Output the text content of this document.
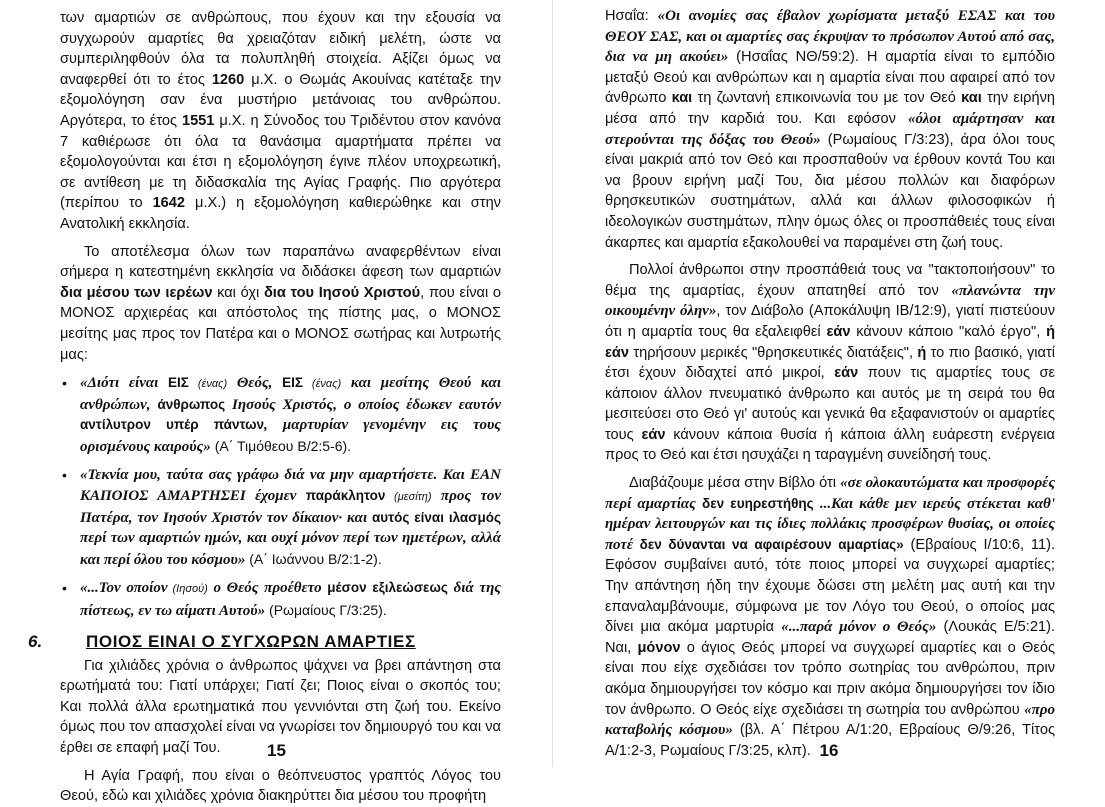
των αμαρτιών σε ανθρώπους, που έχουν και την εξουσία να συγχωρούν αμαρτίες θα χρειαζόταν ειδική μελέτη, ώστε να συμπεριληφθούν όλα τα πολυπληθή στοιχεία. Αξίζει όμως να αναφερθεί ότι το έτος 1260 μ.Χ. ο Θωμάς Ακουίνας κατέταξε την εξομολόγηση σαν ένα μυστήριο μετάνοιας του ανθρώπου. Αργότερα, το έτος 1551 μ.Χ. η Σύνοδος του Τριδέντου στον κανόνα 7 καθιέρωσε ότι όλα τα θανάσιμα αμαρτήματα πρέπει να εξομολογούνται και έτσι η εξομολόγηση έγινε πλέον υποχρεωτική, σε αντίθεση με τη διδασκαλία της Αγίας Γραφής. Πιο αργότερα (περίπου το 1642 μ.Χ.) η εξομολόγηση καθιερώθηκε και στην Ανατολική εκκλησία.

Το αποτέλεσμα όλων των παραπάνω αναφερθέντων είναι σήμερα η κατεστημένη εκκλησία να διδάσκει άφεση των αμαρτιών δια μέσου των ιερέων και όχι δια του Ιησού Χριστού, που είναι ο ΜΟΝΟΣ αρχιερέας και απόστολος της πίστης μας, ο ΜΟΝΟΣ μεσίτης μας προς τον Πατέρα και ο ΜΟΝΟΣ σωτήρας και λυτρωτής μας:

• «Διότι είναι ΕΙΣ (ένας) Θεός, ΕΙΣ (ένας) και μεσίτης Θεού και ανθρώπων, άνθρωπος Ιησούς Χριστός, ο οποίος έδωκεν εαυτόν αντίλυτρον υπέρ πάντων, μαρτυρίαν γενομένην εις τους ορισμένους καιρούς» (Α΄ Τιμόθεου Β/2:5-6).

• «Τεκνία μου, ταύτα σας γράφω διά να μην αμαρτήσετε. Και ΕΑΝ ΚΑΠΟΙΟΣ ΑΜΑΡΤΗΣΕΙ έχομεν παράκλητον (μεσίτη) προς τον Πατέρα, τον Ιησούν Χριστόν τον δίκαιον· και αυτός είναι ιλασμός περί των αμαρτιών ημών, και ουχί μόνον περί των ημετέρων, αλλά και περί όλου του κόσμου» (Α΄ Ιωάννου Β/2:1-2).

• «...Τον οποίον (Ιησού) ο Θεός προέθετο μέσον εξιλεώσεως διά της πίστεως, εν τω αίματι Αυτού» (Ρωμαίους Γ/3:25).

6.	ΠΟΙΟΣ ΕΙΝΑΙ Ο ΣΥΓΧΩΡΩΝ ΑΜΑΡΤΙΕΣ

Για χιλιάδες χρόνια ο άνθρωπος ψάχνει να βρει απάντηση στα ερωτήματά του: Γιατί υπάρχει; Γιατί ζει; Ποιος είναι ο σκοπός του; Και πολλά άλλα ερωτηματικά που γεννιόνται στη ζωή του. Εκείνο όμως που τον απασχολεί είναι να γνωρίσει τον δημιουργό του και να έρθει σε επαφή μαζί Του.

Η Αγία Γραφή, που είναι ο θεόπνευστος γραπτός Λόγος του Θεού, εδώ και χιλιάδες χρόνια διακηρύττει δια μέσου του προφήτη

15

Ησαΐα: «Οι ανομίες σας έβαλον χωρίσματα μεταξύ ΕΣΑΣ και του ΘΕΟΥ ΣΑΣ, και οι αμαρτίες σας έκρυψαν το πρόσωπον Αυτού από σας, δια να μη ακούει» (Ησαΐας ΝΘ/59:2). Η αμαρτία είναι το εμπόδιο μεταξύ Θεού και ανθρώπων και η αμαρτία είναι που αφαιρεί από τον άνθρωπο και τη ζωντανή επικοινωνία του με τον Θεό και την ειρήνη μέσα από την καρδιά του. Και εφόσον «όλοι αμάρτησαν και στερούνται της δόξας του Θεού» (Ρωμαίους Γ/3:23), άρα όλοι τους είναι μακριά από τον Θεό και προσπαθούν να έρθουν κοντά Του και να βρουν ειρήνη μαζί Του, δια μέσου πολλών και διαφόρων θρησκευτικών συστημάτων, αλλά και άλλων φιλοσοφικών ή ιδεολογικών συστημάτων, πλην όμως όλες οι προσπάθειές τους είναι άκαρπες και αμαρτία εξακολουθεί να παραμένει στη ζωή τους.

Πολλοί άνθρωποι στην προσπάθειά τους να "τακτοποιήσουν" το θέμα της αμαρτίας, έχουν απατηθεί από τον «πλανώντα την οικουμένην όλην», τον Διάβολο (Αποκάλυψη ΙΒ/12:9), γιατί πιστεύουν ότι η αμαρτία τους θα εξαλειφθεί εάν κάνουν κάποιο "καλό έργο", ή εάν τηρήσουν μερικές "θρησκευτικές διατάξεις", ή το πιο βασικό, γιατί έτσι έχουν διδαχτεί από μικροί, εάν πουν τις αμαρτίες τους σε κάποιον άλλον πνευματικό άνθρωπο και αυτός με τη σειρά του θα μεσιτεύσει στο Θεό γι' αυτούς και γενικά θα εξαφανιστούν οι αμαρτίες τους εάν κάνουν κάποια θυσία ή κάποια άλλη ευάρεστη ενέργεια προς το Θεό και έτσι ησυχάζει η ταραγμένη συνείδησή τους.

Διαβάζουμε μέσα στην Βίβλο ότι «σε ολοκαυτώματα και προσφορές περί αμαρτίας δεν ευηρεστήθης ...Και κάθε μεν ιερεύς στέκεται καθ' ημέραν λειτουργών και τις ίδιες πολλάκις προσφέρων θυσίας, οι οποίες ποτέ δεν δύνανται να αφαιρέσουν αμαρτίας» (Εβραίους Ι/10:6, 11). Εφόσον συμβαίνει αυτό, τότε ποιος μπορεί να συγχωρεί αμαρτίες; Την απάντηση ήδη την έχουμε δώσει στη μελέτη μας αυτή και την επαναλαμβάνουμε, σύμφωνα με τον Λόγο του Θεού, ο οποίος μας δίνει μια ακόμα μαρτυρία «...παρά μόνον ο Θεός» (Λουκάς Ε/5:21). Ναι, μόνον ο άγιος Θεός μπορεί να συγχωρεί αμαρτίες και ο Θεός είναι που είχε σχεδιάσει τον τρόπο σωτηρίας του ανθρώπου, πριν ακόμα δημιουργήσει τον κόσμο και πριν ακόμα δημιουργήσει τον ίδιο τον άνθρωπο. Ο Θεός είχε σχεδιάσει τη σωτηρία του ανθρώπου «προ καταβολής κόσμου» (βλ. Α΄ Πέτρου Α/1:20, Εβραίους Θ/9:26, Τίτος Α/1:2-3, Ρωμαίους Γ/3:25, κλπ). 16
